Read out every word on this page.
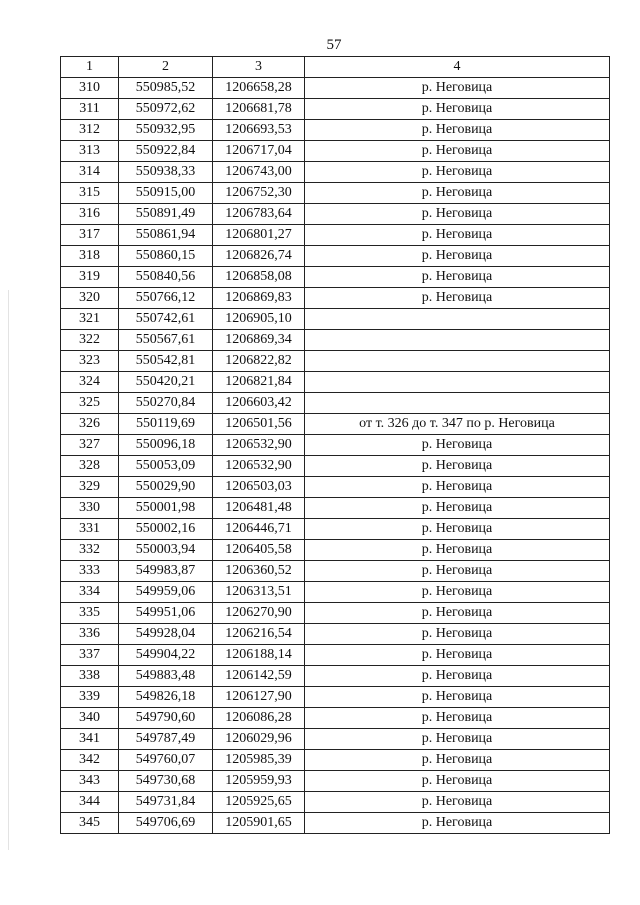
57
1	2	3	4
310	550985,52	1206658,28	р. Неговица
311	550972,62	1206681,78	р. Неговица
312	550932,95	1206693,53	р. Неговица
313	550922,84	1206717,04	р. Неговица
314	550938,33	1206743,00	р. Неговица
315	550915,00	1206752,30	р. Неговица
316	550891,49	1206783,64	р. Неговица
317	550861,94	1206801,27	р. Неговица
318	550860,15	1206826,74	р. Неговица
319	550840,56	1206858,08	р. Неговица
320	550766,12	1206869,83	р. Неговица
321	550742,61	1206905,10	
322	550567,61	1206869,34	
323	550542,81	1206822,82	
324	550420,21	1206821,84	
325	550270,84	1206603,42	
326	550119,69	1206501,56	от т. 326 до т. 347 по р. Неговица
327	550096,18	1206532,90	р. Неговица
328	550053,09	1206532,90	р. Неговица
329	550029,90	1206503,03	р. Неговица
330	550001,98	1206481,48	р. Неговица
331	550002,16	1206446,71	р. Неговица
332	550003,94	1206405,58	р. Неговица
333	549983,87	1206360,52	р. Неговица
334	549959,06	1206313,51	р. Неговица
335	549951,06	1206270,90	р. Неговица
336	549928,04	1206216,54	р. Неговица
337	549904,22	1206188,14	р. Неговица
338	549883,48	1206142,59	р. Неговица
339	549826,18	1206127,90	р. Неговица
340	549790,60	1206086,28	р. Неговица
341	549787,49	1206029,96	р. Неговица
342	549760,07	1205985,39	р. Неговица
343	549730,68	1205959,93	р. Неговица
344	549731,84	1205925,65	р. Неговица
345	549706,69	1205901,65	р. Неговица
